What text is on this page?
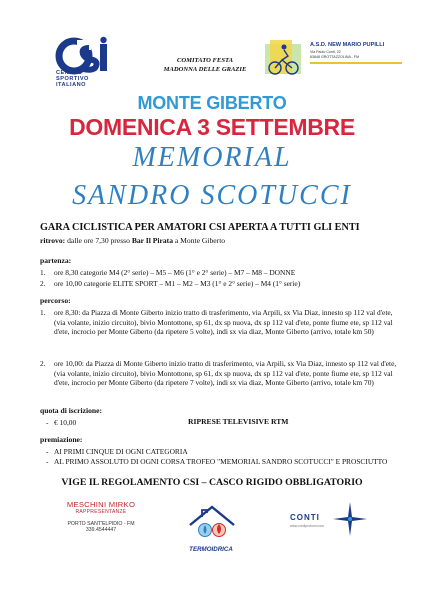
CENTRO
SPORTIVO
ITALIANO
COMITATO FESTA
MADONNA DELLE GRAZIE
A.S.D. NEW MARIO PUPILLI
Via Paolo Conti, 22
63848 GROTTAZZOLINA - FM
MONTE GIBERTO
DOMENICA 3 SETTEMBRE
MEMORIAL
SANDRO SCOTUCCI
GARA CICLISTICA PER AMATORI CSI APERTA A TUTTI GLI ENTI
ritrovo: dalle ore 7,30 presso Bar Il Pirata a Monte Giberto
partenza:
1. ore 8,30 categorie M4 (2° serie) – M5 – M6 (1° e 2° serie) – M7 – M8 – DONNE
2. ore 10,00 categorie ELITE SPORT – M1 – M2 – M3 (1° e 2° serie) – M4 (1° serie)
percorso:
1. ore 8,30: da Piazza di Monte Giberto inizio tratto di trasferimento, via Arpili, sx Via Diaz, innesto sp 112 val d'ete, (via volante, inizio circuito), bivio Montottone, sp 61, dx sp nuova, dx sp 112 val d'ete, ponte fiume ete, sp 112 val d'ete, incrocio per Monte Giberto (da ripetere 5 volte), indi sx via diaz, Monte Giberto (arrivo, totale km 50)
2. ore 10,00: da Piazza di Monte Giberto inizio tratto di trasferimento, via Arpili, sx Via Diaz, innesto sp 112 val d'ete, (via volante, inizio circuito), bivio Montottone, sp 61, dx sp nuova, dx sp 112 val d'ete, ponte fiume ete, sp 112 val d'ete, incrocio per Monte Giberto (da ripetere 7 volte), indi sx via diaz, Monte Giberto (arrivo, totale km 70)
quota di iscrizione:
-   € 10,00	RIPRESE TELEVISIVE RTM
premiazione:
-   AI PRIMI CINQUE DI OGNI CATEGORIA
-   AL PRIMO ASSOLUTO DI OGNI CORSA TROFEO "MEMORIAL SANDRO SCOTUCCI" E PROSCIUTTO
VIGE IL REGOLAMENTO CSI – CASCO RIGIDO OBBLIGATORIO
MESCHINI MIRKO
RAPPRESENTANZE
PORTO SANT'ELPIDIO - FM
339.4544447
TERMOIDRICA
CONTI
www.contiprofumi.com
